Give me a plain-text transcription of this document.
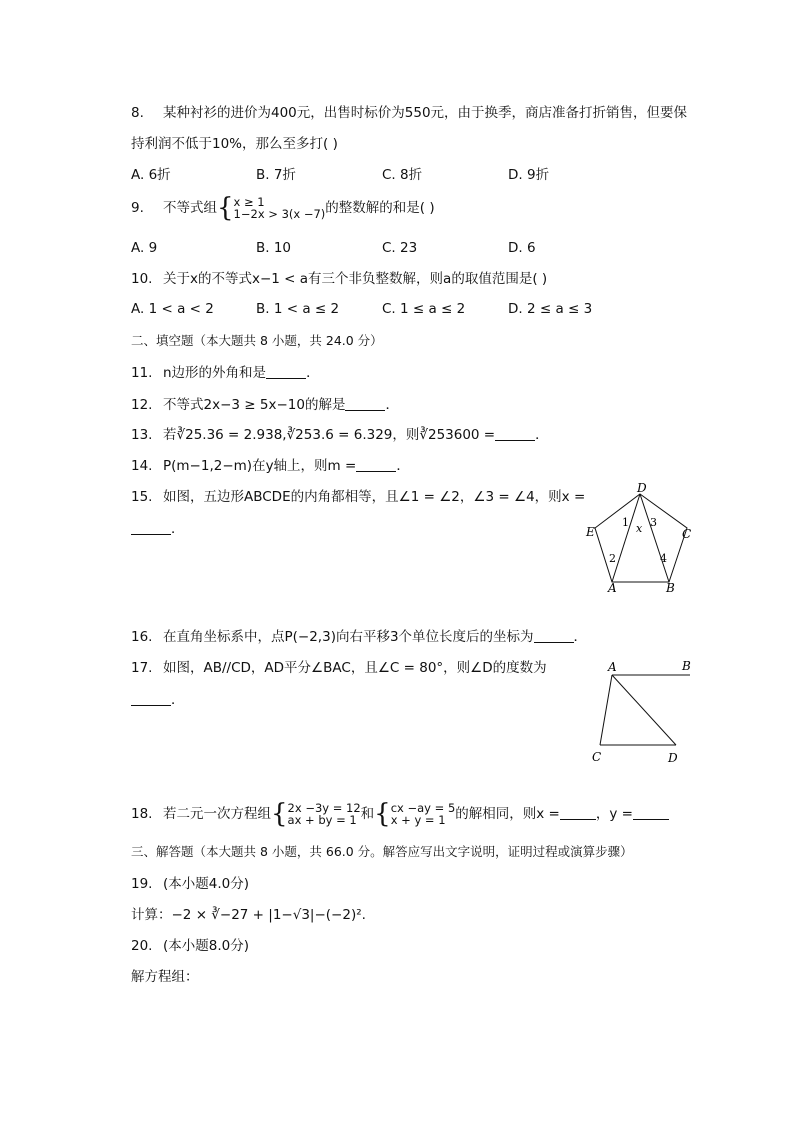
8. 某种衬衫的进价为400元，出售时标价为550元，由于换季，商店准备打折销售，但要保
持利润不低于10%，那么至多打( )
A. 6折	B. 7折	C. 8折	D. 9折
9. 不等式组{x ≥ 1
1−2x > 3(x −7)的整数解的和是( )
A. 9	B. 10	C. 23	D. 6
10. 关于x的不等式x−1 < a有三个非负整数解，则a的取值范围是( )
A. 1 < a < 2	B. 1 < a ≤ 2	C. 1 ≤ a ≤ 2	D. 2 ≤ a ≤ 3
二、填空题（本大题共 8 小题，共 24.0 分）
11. n边形的外角和是	．
12. 不等式2x−3 ≥ 5x−10的解是	．
13. 若∛25.36 = 2.938,∛253.6 = 6.329，则∛253600 =	．
14. P(m−1,2−m)在y轴上，则m =	．
15. 如图，五边形ABCDE的内角都相等，且∠1 = ∠2，∠3 = ∠4，则x =
．
D
E	C
A	B
1 3
x
2	4
16. 在直角坐标系中，点P(−2,3)向右平移3个单位长度后的坐标为	．
17. 如图，AB//CD，AD平分∠BAC，且∠C = 80°，则∠D的度数为
．
A	B
C	D
18. 若二元一次方程组{2x −3y = 12
ax + by = 1 和{cx −ay = 5
x + y = 1 的解相同，则x =	，y =
三、解答题（本大题共 8 小题，共 66.0 分。解答应写出文字说明，证明过程或演算步骤）
19. (本小题4.0分)
计算：−2 × ∛−27 + |1−√3|−(−2)².
20. (本小题8.0分)
解方程组：
